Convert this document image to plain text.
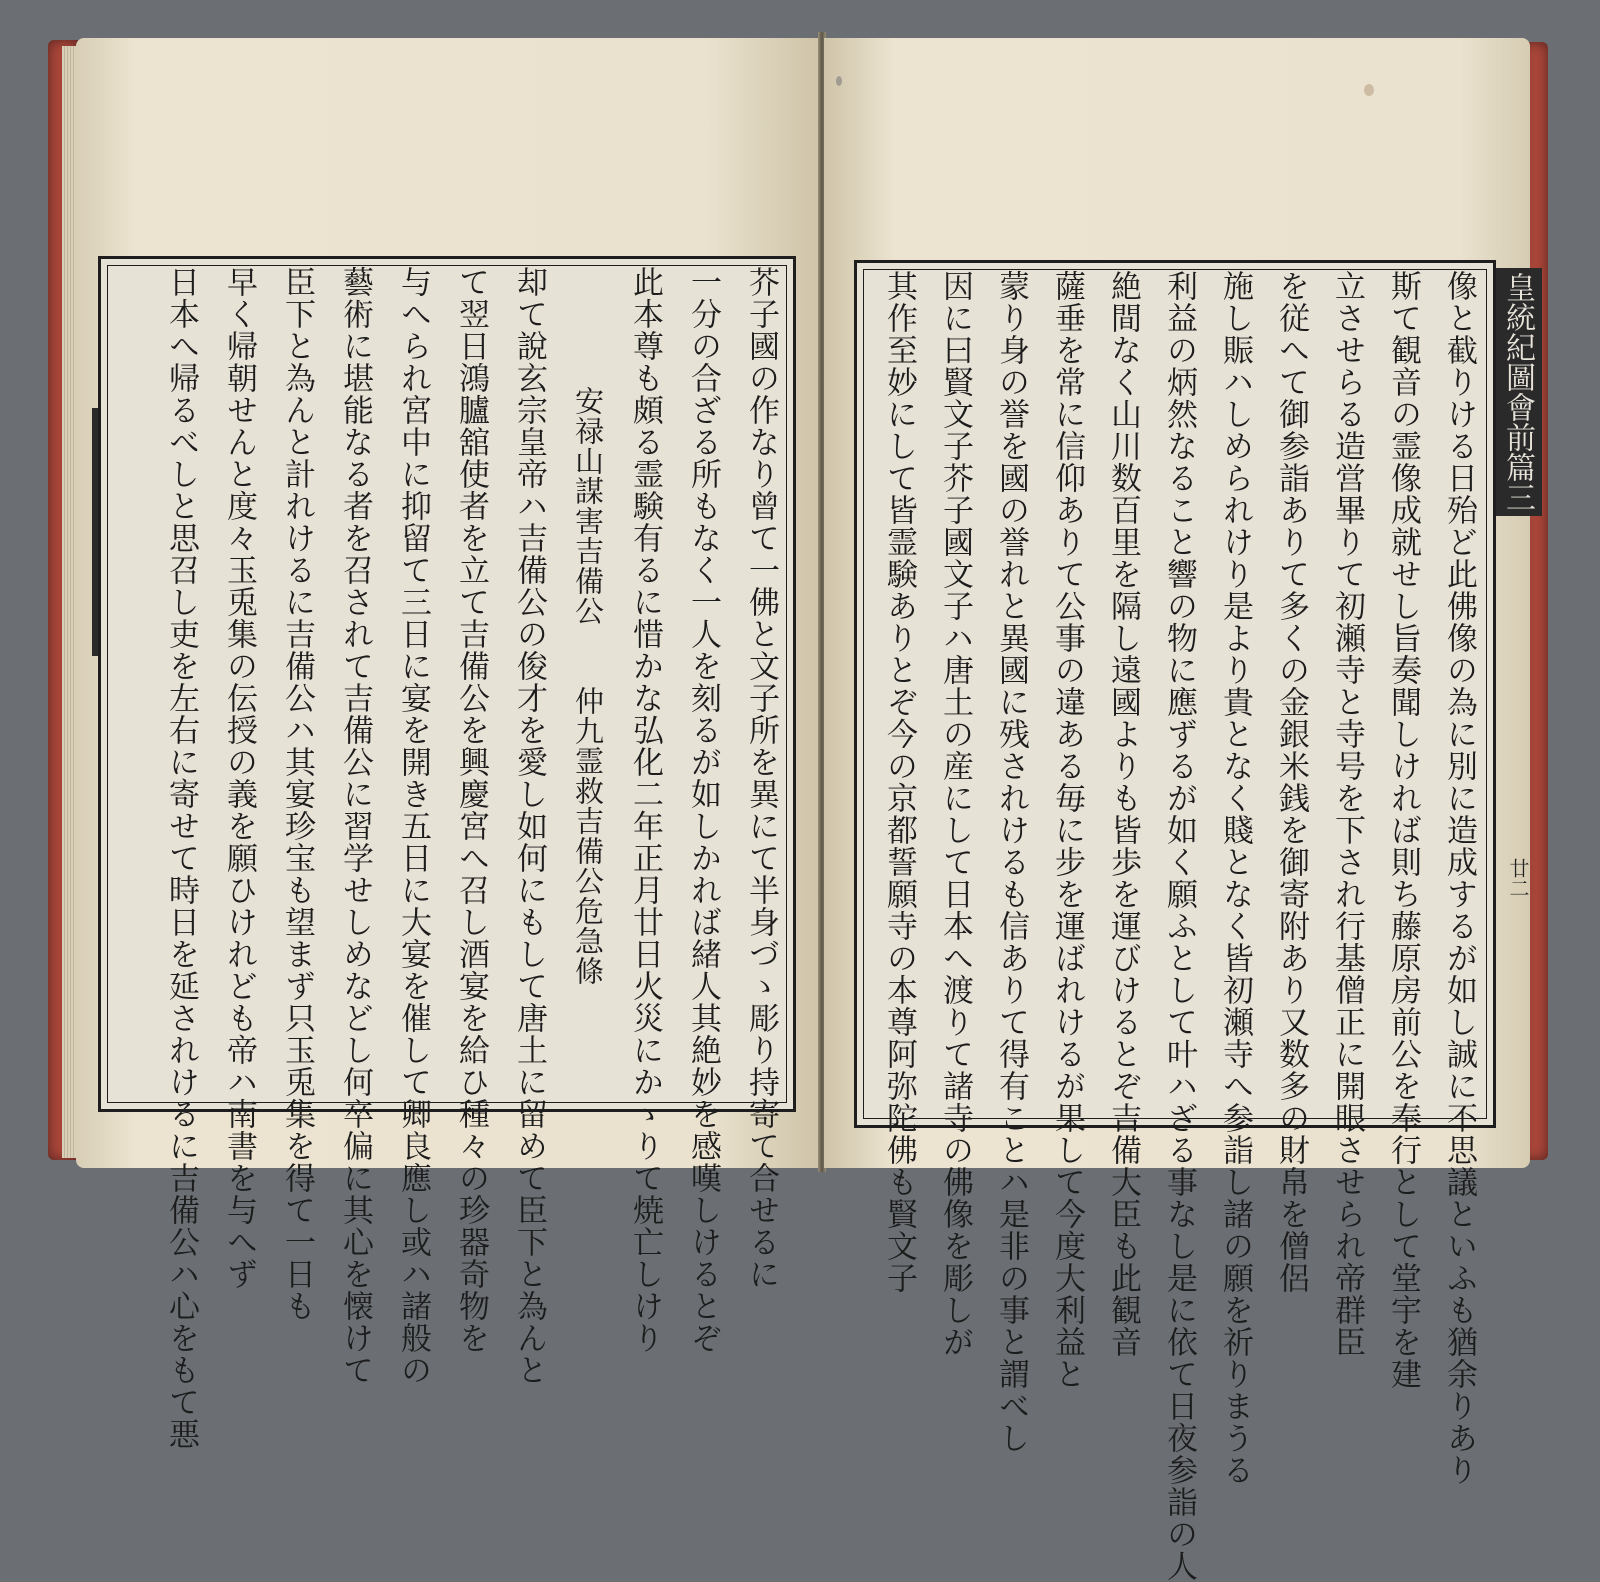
芥子國の作なり曾て一佛と文子所を異にて半身づゝ彫り持寄て合せるに
一分の合ざる所もなく一人を刻るが如しかれば緒人其絶妙を感嘆しけるとぞ
此本尊も頗る霊験有るに惜かな弘化二年正月廿日火災にかゝりて焼亡しけり
安禄山謀害吉備公　　仲九霊救吉備公危急條
却て說玄宗皇帝ハ吉備公の俊才を愛し如何にもして唐土に留めて臣下と為んと
て翌日鴻臚舘使者を立て吉備公を興慶宮へ召し酒宴を給ひ種々の珍器奇物を
与へられ宮中に抑留て三日に宴を開き五日に大宴を催して卿良應し或ハ諸般の
藝術に堪能なる者を召されて吉備公に習学せしめなどし何卒偏に其心を懐けて
臣下と為んと計れけるに吉備公ハ其宴珍宝も望まず只玉兎集を得て一日も
早く帰朝せんと度々玉兎集の伝授の義を願ひけれども帝ハ南書を与へず
日本へ帰るべしと思召し吏を左右に寄せて時日を延されけるに吉備公ハ心をもて悪	皇統紀圖會前篇三
廿二
像と截りける日殆ど此佛像の為に別に造成するが如し誠に不思議といふも猶余りあり
斯て観音の霊像成就せし旨奏聞しければ則ち藤原房前公を奉行として堂宇を建
立させらる造営畢りて初瀬寺と寺号を下され行基僧正に開眼させられ帝群臣
を従へて御参詣ありて多くの金銀米銭を御寄附あり又数多の財帛を僧侶
施し賑ハしめられけり是より貴となく賤となく皆初瀬寺へ参詣し諸の願を祈りまうる
利益の炳然なること響の物に應ずるが如く願ふとして叶ハざる事なし是に依て日夜参詣の人
絶間なく山川数百里を隔し遠國よりも皆歩を運びけるとぞ吉備大臣も此観音
薩垂を常に信仰ありて公事の違ある毎に步を運ばれけるが果して今度大利益と
蒙り身の誉を國の誉れと異國に残されけるも信ありて得有ことハ是非の事と謂べし
因に曰賢文子芥子國文子ハ唐土の産にして日本へ渡りて諸寺の佛像を彫しが
其作至妙にして皆霊験ありとぞ今の京都誓願寺の本尊阿弥陀佛も賢文子
